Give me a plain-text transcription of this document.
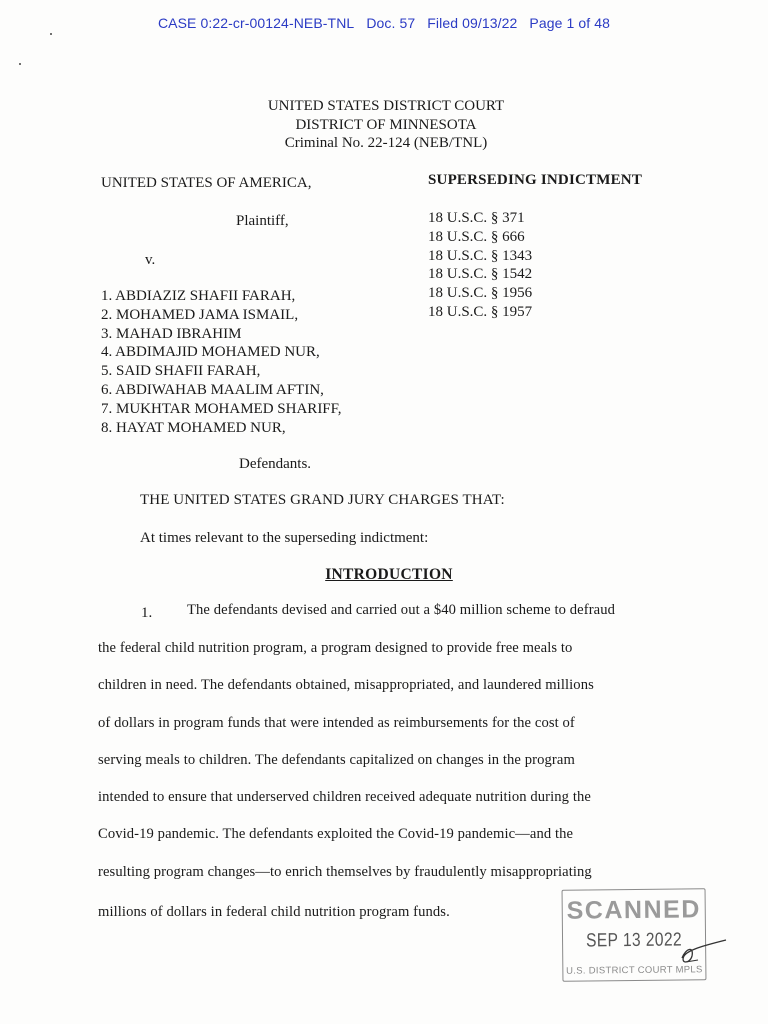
CASE 0:22-cr-00124-NEB-TNL Doc. 57 Filed 09/13/22 Page 1 of 48
UNITED STATES DISTRICT COURT
DISTRICT OF MINNESOTA
Criminal No. 22-124 (NEB/TNL)
UNITED STATES OF AMERICA,	SUPERSEDING INDICTMENT
18 U.S.C. § 371
18 U.S.C. § 666
18 U.S.C. § 1343
18 U.S.C. § 1542
18 U.S.C. § 1956
18 U.S.C. § 1957
Plaintiff,
v.
1. ABDIAZIZ SHAFII FARAH,
2. MOHAMED JAMA ISMAIL,
3. MAHAD IBRAHIM
4. ABDIMAJID MOHAMED NUR,
5. SAID SHAFII FARAH,
6. ABDIWAHAB MAALIM AFTIN,
7. MUKHTAR MOHAMED SHARIFF,
8. HAYAT MOHAMED NUR,
Defendants.
THE UNITED STATES GRAND JURY CHARGES THAT:
At times relevant to the superseding indictment:
INTRODUCTION
1. The defendants devised and carried out a $40 million scheme to defraud
the federal child nutrition program, a program designed to provide free meals to
children in need. The defendants obtained, misappropriated, and laundered millions
of dollars in program funds that were intended as reimbursements for the cost of
serving meals to children. The defendants capitalized on changes in the program
intended to ensure that underserved children received adequate nutrition during the
Covid-19 pandemic. The defendants exploited the Covid-19 pandemic—and the
resulting program changes—to enrich themselves by fraudulently misappropriating
millions of dollars in federal child nutrition program funds.	SCANNED
SEP 13 2022
U.S. DISTRICT COURT MPLS
